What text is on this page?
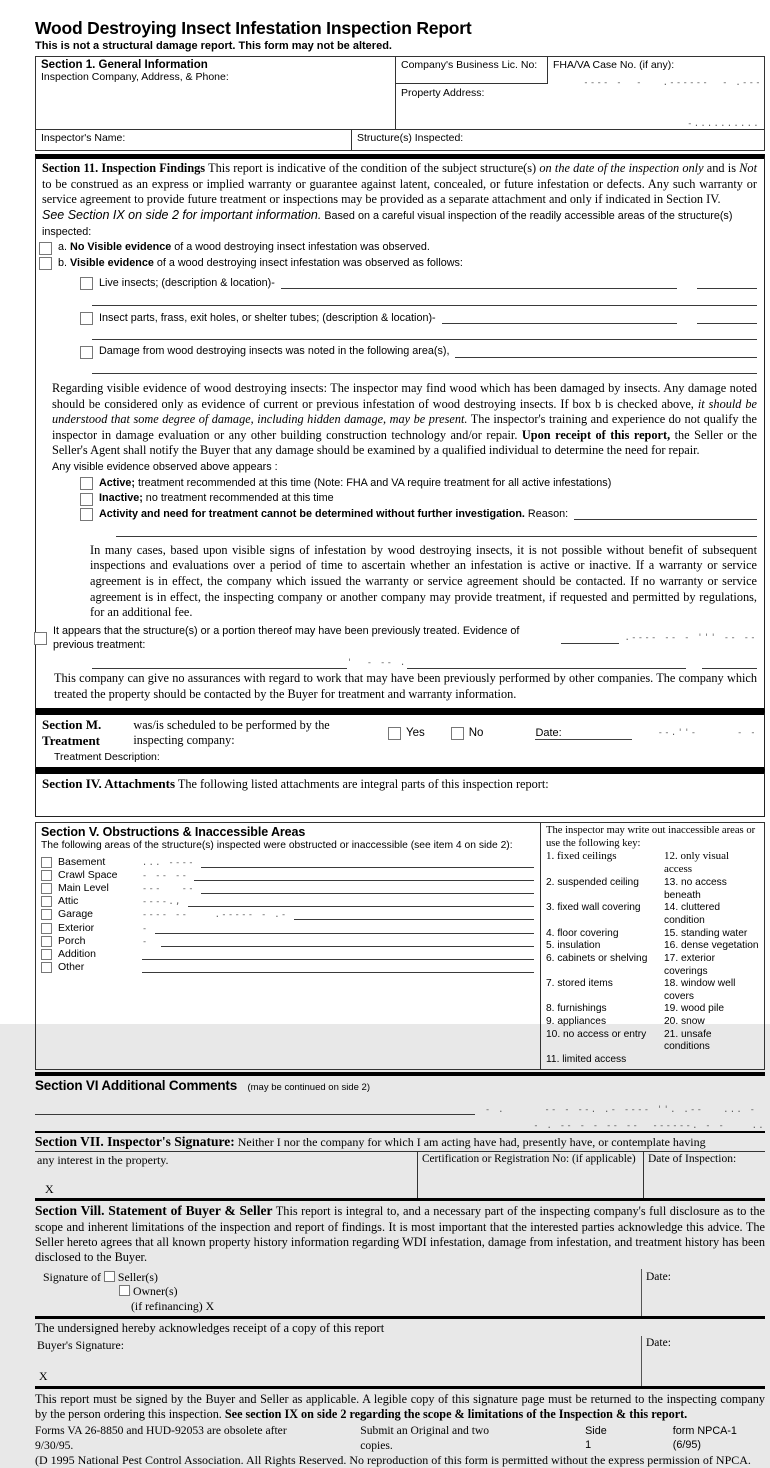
Wood Destroying Insect Infestation Inspection Report
This is not a structural damage report. This form may not be altered.
Section 1. General Information
Inspection Company, Address, & Phone:
Company's Business Lic. No:	FHA/VA Case No. (if any):
---- -  -   .------  - .---
Property Address:
-..........
Inspector's Name:	Structure(s) Inspected:
Section 11. Inspection Findings This report is indicative of the condition of the subject structure(s) on the date of the inspection only and is Not to be construed as an express or implied warranty or guarantee against latent, concealed, or future infestation or defects. Any such warranty or service agreement to provide future treatment or inspections may be provided as a separate attachment and only if indicated in Section IV.
See Section IX on side 2 for important information. Based on a careful visual inspection of the readily accessible areas of the structure(s) inspected:
a. No Visible evidence of a wood destroying insect infestation was observed.
b. Visible evidence of a wood destroying insect infestation was observed as follows:
Live insects; (description & location)-
Insect parts, frass, exit holes, or shelter tubes; (description & location)-
Damage from wood destroying insects was noted in the following area(s),
Regarding visible evidence of wood destroying insects: The inspector may find wood which has been damaged by insects. Any damage noted should be considered only as evidence of current or previous infestation of wood destroying insects. If box b is checked above, it should be understood that some degree of damage, including hidden damage, may be present. The inspector's training and experience do not qualify the inspector in damage evaluation or any other building construction technology and/or repair. Upon receipt of this report, the Seller or the Seller's Agent shall notify the Buyer that any damage should be examined by a qualified individual to determine the need for repair.
Any visible evidence observed above appears :
Active; treatment recommended at this time (Note: FHA and VA require treatment for all active infestations)
Inactive; no treatment recommended at this time
Activity and need for treatment cannot be determined without further investigation. Reason:
In many cases, based upon visible signs of infestation by wood destroying insects, it is not possible without benefit of subsequent inspections and evaluations over a period of time to ascertain whether an infestation is active or inactive. If a warranty or service agreement is in effect, the company which issued the warranty or service agreement should be contacted. If no warranty or service agreement is in effect, the inspecting company or another company may provide treatment, if requested and permitted by regulations, for an additional fee.
It appears that the structure(s) or a portion thereof may have been previously treated. Evidence of previous treatment:
.---- -- - ''' -- --
'  - -- .
This company can give no assurances with regard to work that may have been previously performed by other companies. The company which treated the property should be contacted by the Buyer for treatment and warranty information.
Section M. Treatment
was/is scheduled to be performed by the inspecting company:	Yes	No	Date:	--.''-      - -
Treatment Description:
Section IV. Attachments The following listed attachments are integral parts of this inspection report:
Section V. Obstructions & Inaccessible Areas
The following areas of the structure(s) inspected were obstructed or inaccessible (see item 4 on side 2):
Basement	... ----
Crawl Space	- -- --
Main Level	---   --
Attic	----.,
Garage	---- --    .----- - .-
Exterior	-
Porch	-
Addition
Other
The inspector may write out inaccessible areas or use the following key:
1. fixed ceilings	12. only visual access
2. suspended ceiling	13. no access beneath
3. fixed wall covering	14. cluttered condition
4. floor covering	15. standing water
5. insulation	16. dense vegetation
6. cabinets or shelving	17. exterior coverings
7. stored items	18. window well covers
8. furnishings	19. wood pile
9. appliances	20. snow
10. no access or entry	21. unsafe conditions
11. limited access
Section VI Additional Comments (may be continued on side 2)
- .      -- - --. .- ---- ''. .--   ... -
- . -- - - -- --  ------. - -    ..
Section VII. Inspector's Signature: Neither I nor the company for which I am acting have had, presently have, or contemplate having
any interest in the property.
X
Certification or Registration No: (if applicable)	Date of Inspection:
Section Vill. Statement of Buyer & Seller This report is integral to, and a necessary part of the inspecting company's full disclosure as to the scope and inherent limitations of the inspection and report of findings. It is most important that the interested parties acknowledge this advice. The Seller hereto agrees that all known property history information regarding WDI infestation, damage from infestation, and treatment history has been disclosed to the Buyer.
Signature of Seller(s)
Owner(s)
(if refinancing) X
Date:
The undersigned hereby acknowledges receipt of a copy of this report
Buyer's Signature:
X
Date:
This report must be signed by the Buyer and Seller as applicable. A legible copy of this signature page must be returned to the inspecting company by the person ordering this inspection. See section IX on side 2 regarding the scope & limitations of the Inspection & this report.
Forms VA 26-8850 and HUD-92053 are obsolete after 9/30/95.
Submit an Original and two copies.
Side 1
form NPCA-1 (6/95)
(D 1995 National Pest Control Association. All Rights Reserved. No reproduction of this form is permitted without the express permission of NPCA.
